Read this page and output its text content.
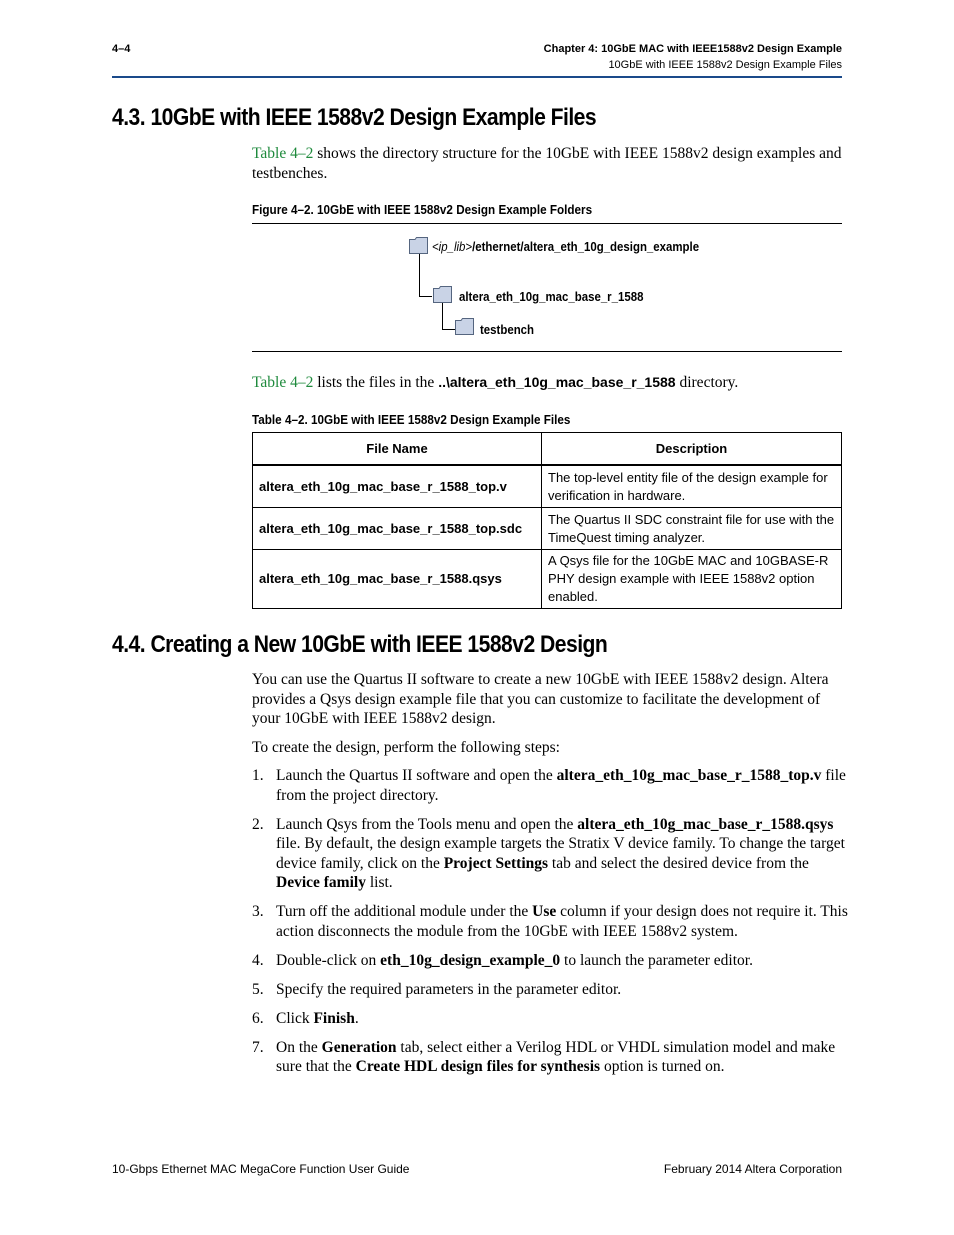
4–4	Chapter 4: 10GbE MAC with IEEE1588v2 Design Example
10GbE with IEEE 1588v2 Design Example Files
4.3. 10GbE with IEEE 1588v2 Design Example Files

Table 4–2 shows the directory structure for the 10GbE with IEEE 1588v2 design examples and testbenches.

Figure 4–2. 10GbE with IEEE 1588v2 Design Example Folders
<ip_lib>/ethernet/altera_eth_10g_design_example
altera_eth_10g_mac_base_r_1588
testbench

Table 4–2 lists the files in the ..\altera_eth_10g_mac_base_r_1588 directory.

Table 4–2. 10GbE with IEEE 1588v2 Design Example Files
File Name	Description
altera_eth_10g_mac_base_r_1588_top.v	The top-level entity file of the design example for verification in hardware.
altera_eth_10g_mac_base_r_1588_top.sdc	The Quartus II SDC constraint file for use with the TimeQuest timing analyzer.
altera_eth_10g_mac_base_r_1588.qsys	A Qsys file for the 10GbE MAC and 10GBASE-R PHY design example with IEEE 1588v2 option enabled.
4.4. Creating a New 10GbE with IEEE 1588v2 Design

You can use the Quartus II software to create a new 10GbE with IEEE 1588v2 design. Altera provides a Qsys design example file that you can customize to facilitate the development of your 10GbE with IEEE 1588v2 design.

To create the design, perform the following steps:

1. Launch the Quartus II software and open the altera_eth_10g_mac_base_r_1588_top.v file from the project directory.
2. Launch Qsys from the Tools menu and open the altera_eth_10g_mac_base_r_1588.qsys file. By default, the design example targets the Stratix V device family. To change the target device family, click on the Project Settings tab and select the desired device from the Device family list.
3. Turn off the additional module under the Use column if your design does not require it. This action disconnects the module from the 10GbE with IEEE 1588v2 system.
4. Double-click on eth_10g_design_example_0 to launch the parameter editor.
5. Specify the required parameters in the parameter editor.
6. Click Finish.
7. On the Generation tab, select either a Verilog HDL or VHDL simulation model and make sure that the Create HDL design files for synthesis option is turned on.
10-Gbps Ethernet MAC MegaCore Function User Guide	February 2014 Altera Corporation
